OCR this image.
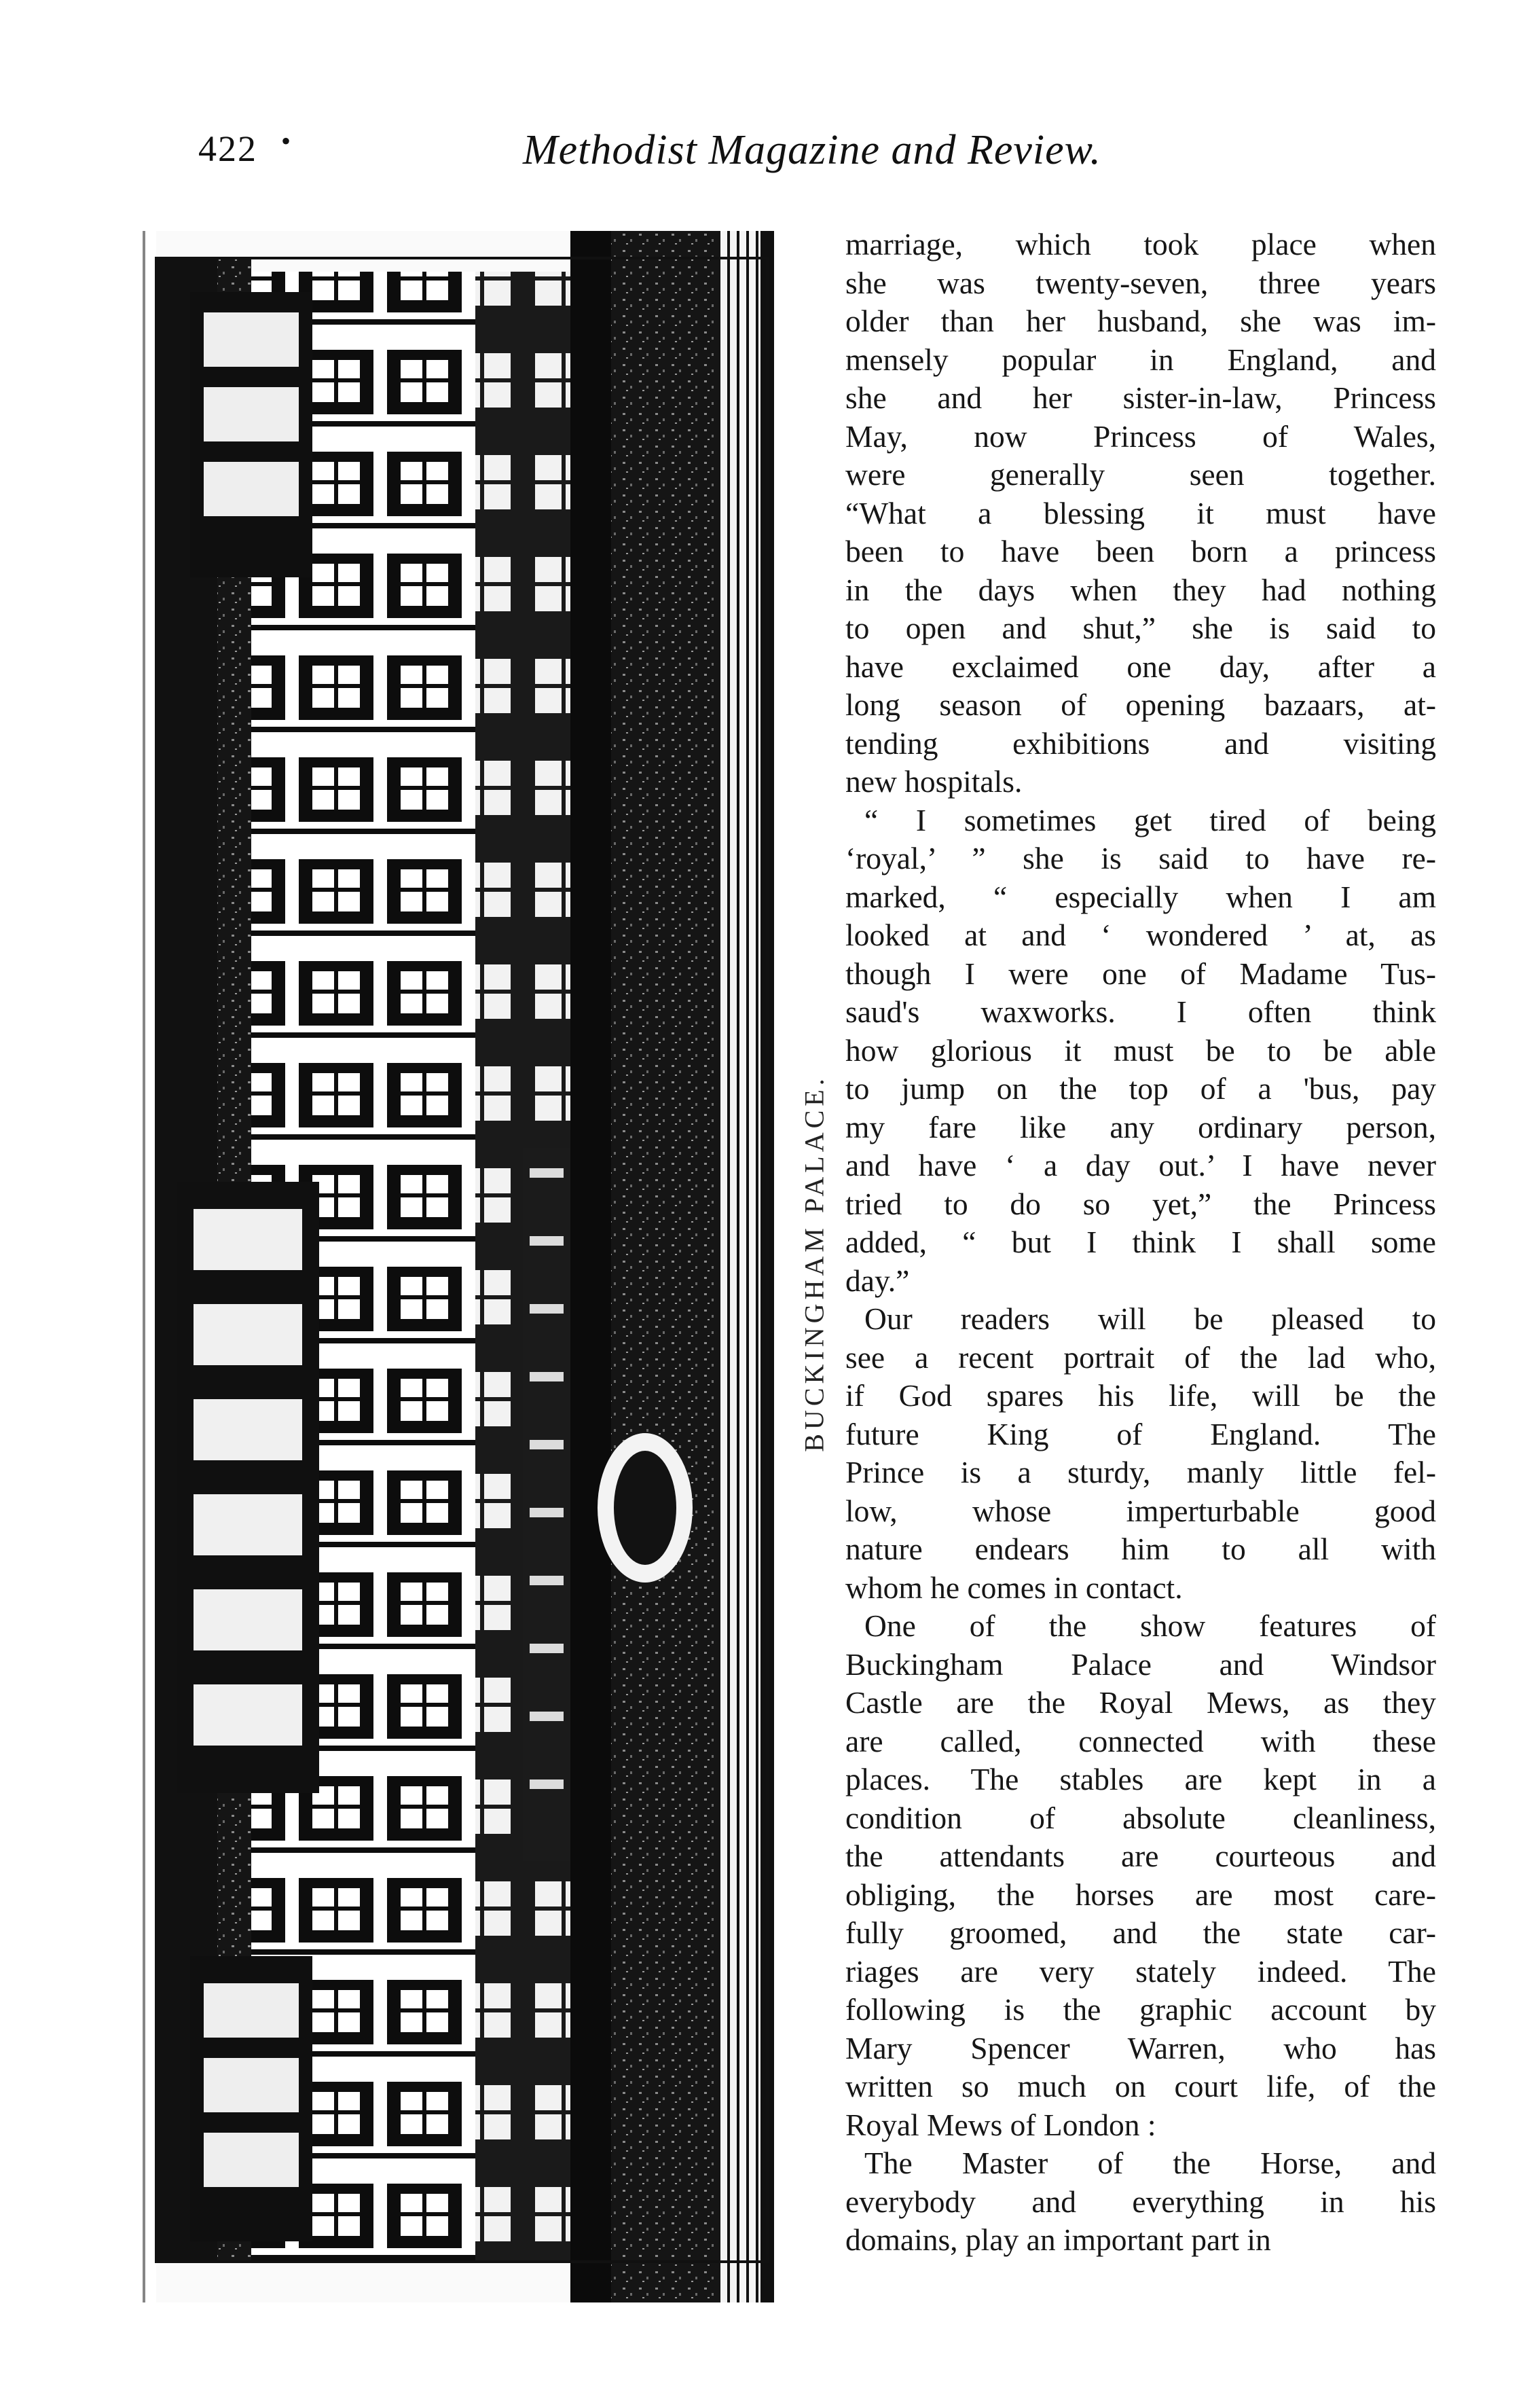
422 •	Methodist Magazine and Review.
BUCKINGHAM PALACE.

marriage, which took place when
she was twenty-seven, three years
older than her husband, she was im-
mensely popular in England, and
she and her sister-in-law, Princess
May, now Princess of Wales,
were generally seen together.
“What a blessing it must have
been to have been born a princess
in the days when they had nothing
to open and shut,” she is said to
have exclaimed one day, after a
long season of opening bazaars, at-
tending exhibitions and visiting
new hospitals.

“ I sometimes get tired of being
‘royal,’ ” she is said to have re-
marked, “ especially when I am
looked at and ‘ wondered ’ at, as
though I were one of Madame Tus-
saud's waxworks. I often think
how glorious it must be to be able
to jump on the top of a 'bus, pay
my fare like any ordinary person,
and have ‘ a day out.’ I have never
tried to do so yet,” the Princess
added, “ but I think I shall some
day.”

Our readers will be pleased to
see a recent portrait of the lad who,
if God spares his life, will be the
future King of England. The
Prince is a sturdy, manly little fel-
low, whose imperturbable good
nature endears him to all with
whom he comes in contact.

One of the show features of
Buckingham Palace and Windsor
Castle are the Royal Mews, as they
are called, connected with these
places. The stables are kept in a
condition of absolute cleanliness,
the attendants are courteous and
obliging, the horses are most care-
fully groomed, and the state car-
riages are very stately indeed. The
following is the graphic account by
Mary Spencer Warren, who has
written so much on court life, of the
Royal Mews of London :

The Master of the Horse, and
everybody and everything in his
domains, play an important part in
